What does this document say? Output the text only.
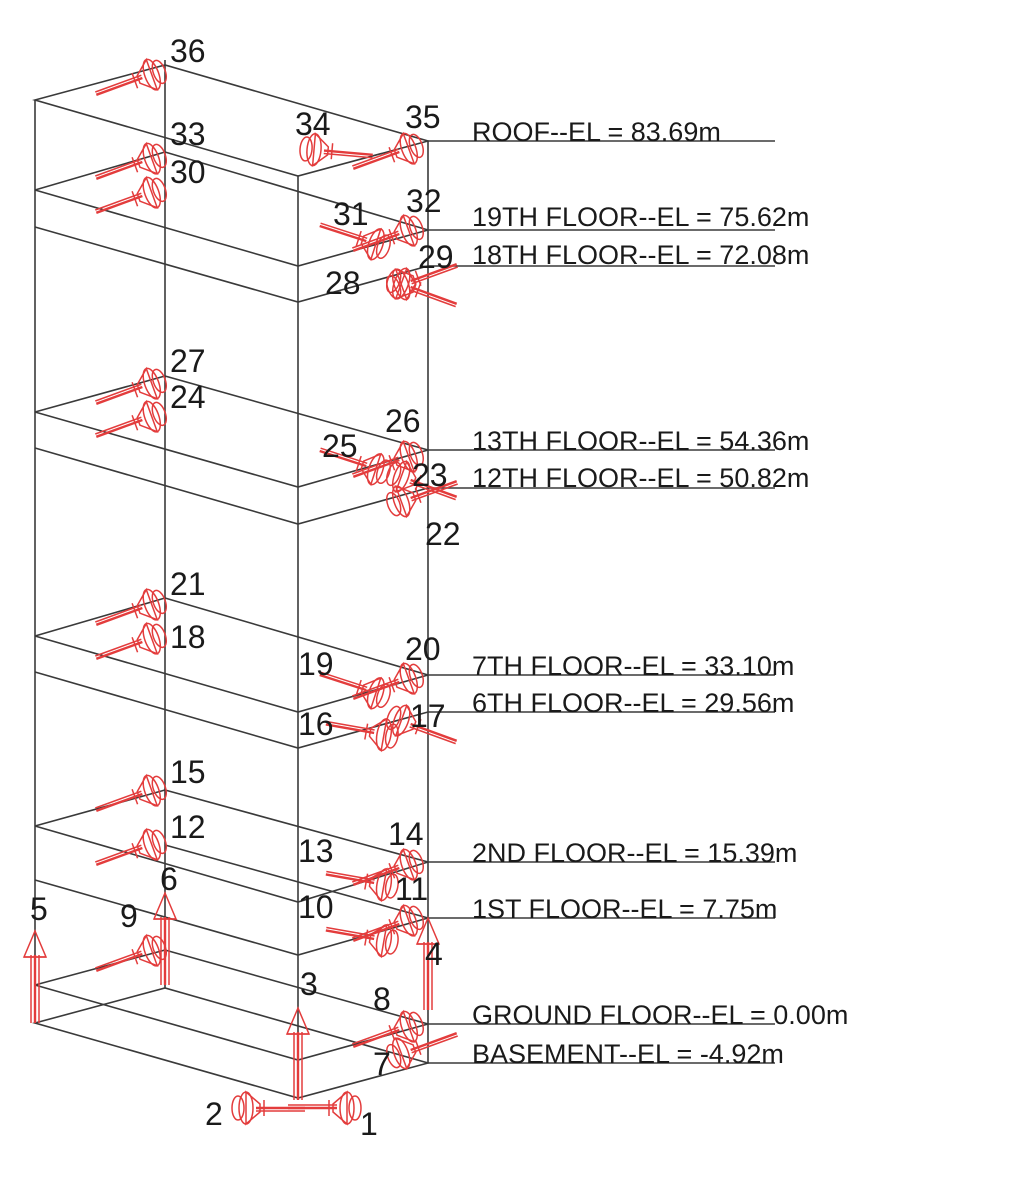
ROOF--EL = 83.69m
19TH FLOOR--EL = 75.62m
18TH FLOOR--EL = 72.08m
13TH FLOOR--EL = 54.36m
12TH FLOOR--EL = 50.82m
7TH FLOOR--EL = 33.10m
6TH FLOOR--EL = 29.56m
2ND FLOOR--EL = 15.39m
1ST FLOOR--EL = 7.75m
GROUND FLOOR--EL = 0.00m
BASEMENT--EL = -4.92m
1
2
3
4
5
6
7
8
9	10 11
12
13 14
15
16 17
18
19 20
21
22
23
24
25
26
27
28
29
30
31 32
33	34 35
36
